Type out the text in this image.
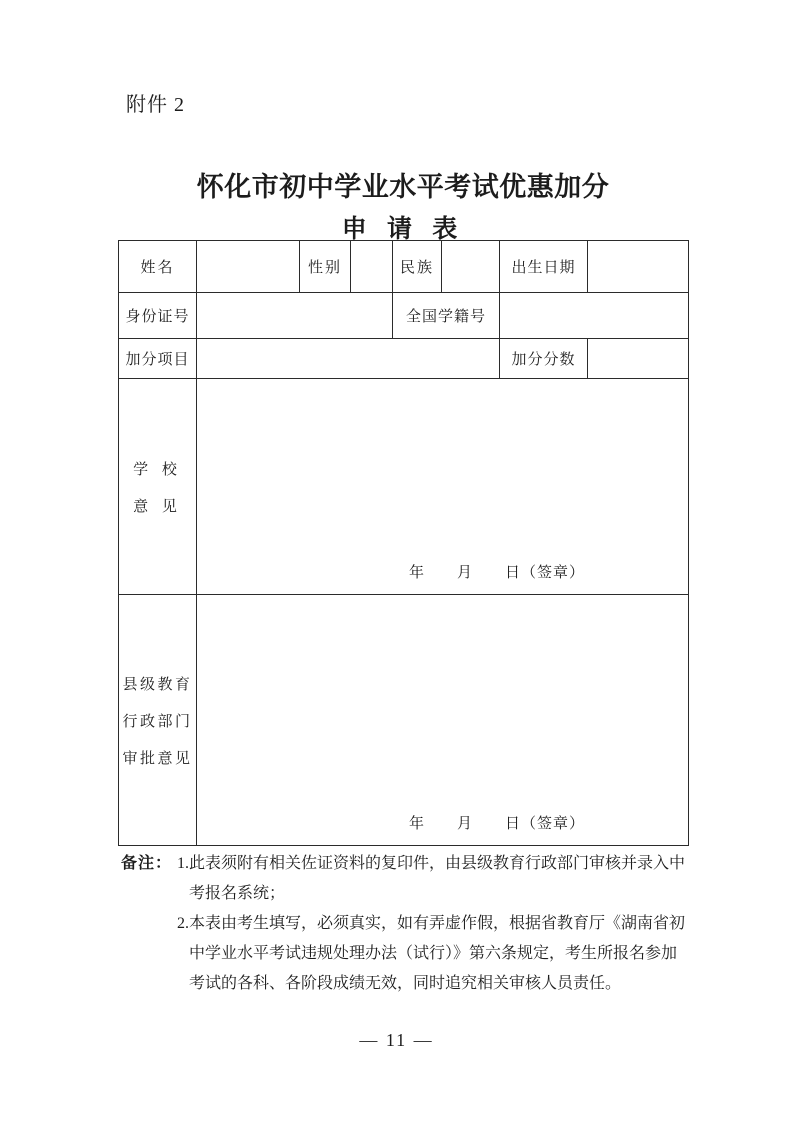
附件 2
怀化市初中学业水平考试优惠加分
申 请 表
姓名		性别		民族		出生日期	
身份证号				全国学籍号			
加分项目						加分分数	

学 校
意 见	年　　月　　日（签章）						

县级教育
行政部门
审批意见	年　　月　　日（签章）						
备注： 1.此表须附有相关佐证资料的复印件，由县级教育行政部门审核并录入中
考报名系统；
2.本表由考生填写，必须真实，如有弄虚作假，根据省教育厅《湖南省初
中学业水平考试违规处理办法（试行）》第六条规定，考生所报名参加
考试的各科、各阶段成绩无效，同时追究相关审核人员责任。
— 11 —
